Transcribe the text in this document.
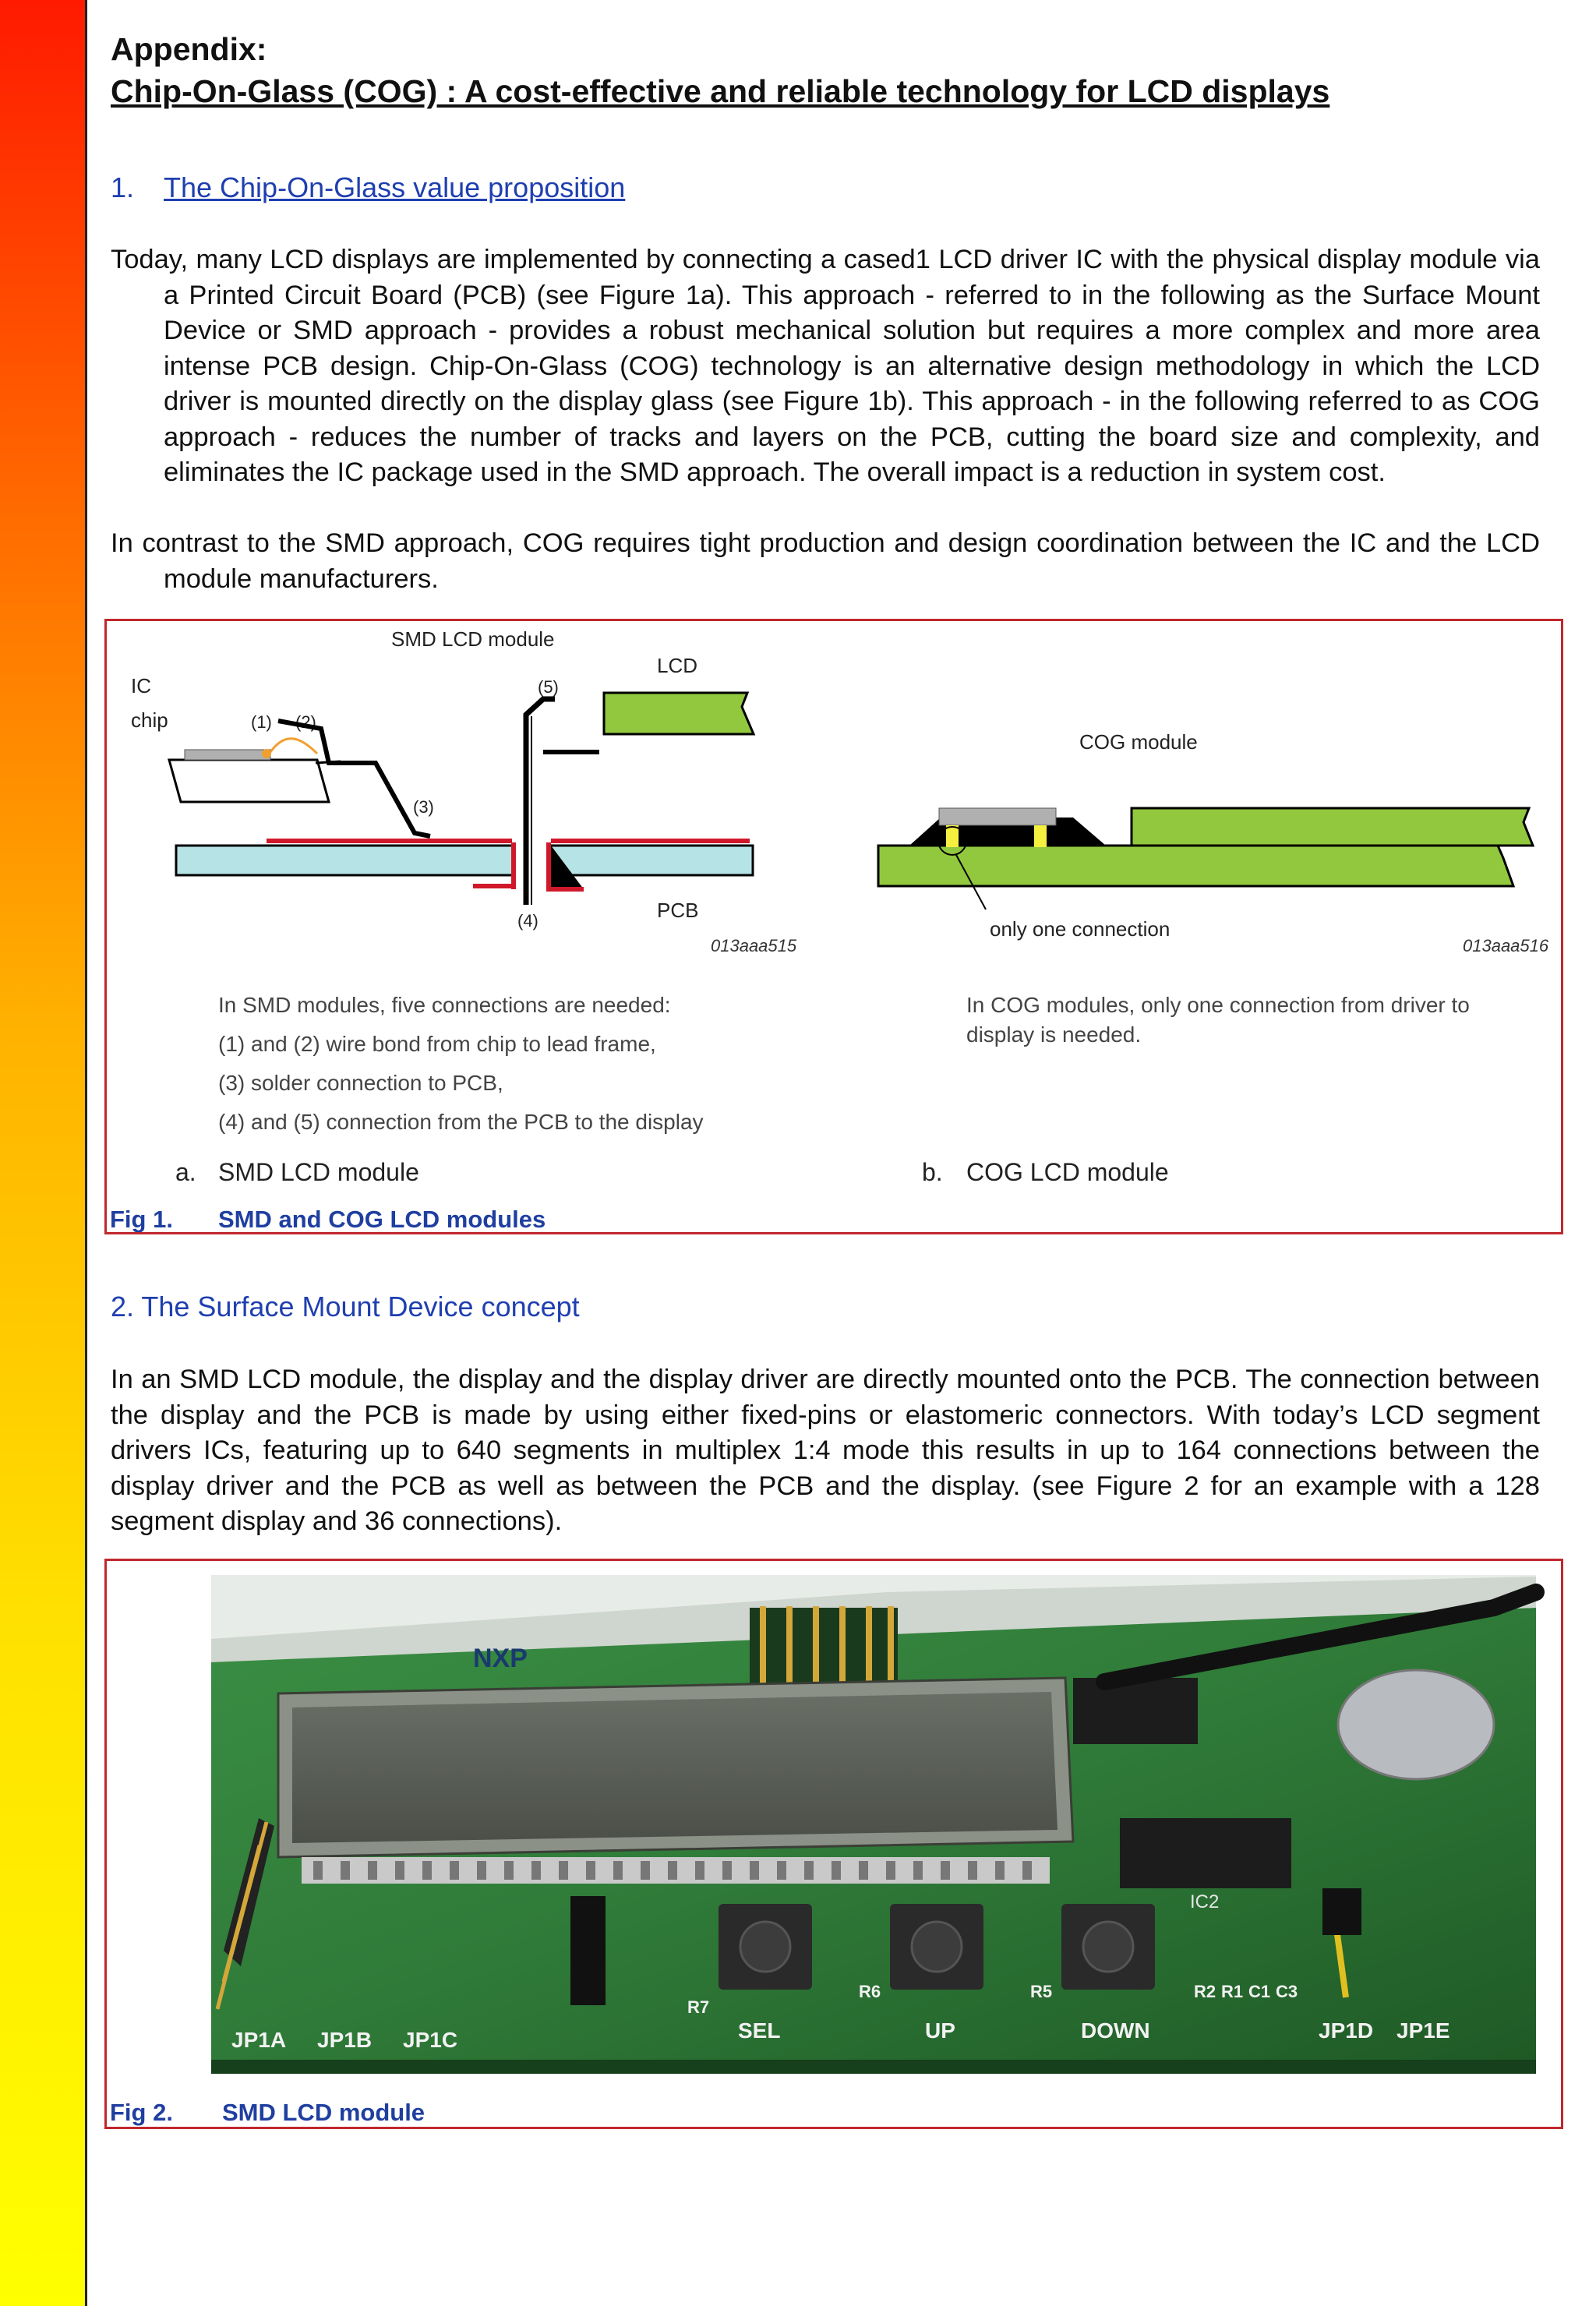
Appendix:
Chip-On-Glass (COG) : A cost-effective and reliable technology for LCD displays
1. The Chip-On-Glass value proposition
Today, many LCD displays are implemented by connecting a cased1 LCD driver IC with the physical display module via a Printed Circuit Board (PCB) (see Figure 1a). This approach - referred to in the following as the Surface Mount Device or SMD approach - provides a robust mechanical solution but requires a more complex and more area intense PCB design. Chip-On-Glass (COG) technology is an alternative design methodology in which the LCD driver is mounted directly on the display glass (see Figure 1b). This approach - in the following referred to as COG approach - reduces the number of tracks and layers on the PCB, cutting the board size and complexity, and eliminates the IC package used in the SMD approach. The overall impact is a reduction in system cost.
In contrast to the SMD approach, COG requires tight production and design coordination between the IC and the LCD module manufacturers.
SMD LCD module
IC
chip	(1) (2)
(3)
(4)
(5)
LCD
PCB
013aaa515
COG module
only one connection
013aaa516
In SMD modules, five connections are needed:
(1) and (2) wire bond from chip to lead frame,
(3) solder connection to PCB,
(4) and (5) connection from the PCB to the display
In COG modules, only one connection from driver to
display is needed.
a. SMD LCD module	b. COG LCD module
Fig 1. SMD and COG LCD modules
2. The Surface Mount Device concept
In an SMD LCD module, the display and the display driver are directly mounted onto the PCB. The connection between the display and the PCB is made by using either fixed-pins or elastomeric connectors. With today’s LCD segment drivers ICs, featuring up to 640 segments in multiplex 1:4 mode this results in up to 164 connections between the display driver and the PCB as well as between the PCB and the display. (see Figure 2 for an example with a 128 segment display and 36 connections).
NXP
IC2
JP1A JP1B JP1C	SEL	UP	DOWN	JP1D JP1E
R7
R6	R5	R2 R1 C1 C3
Fig 2. SMD LCD module
